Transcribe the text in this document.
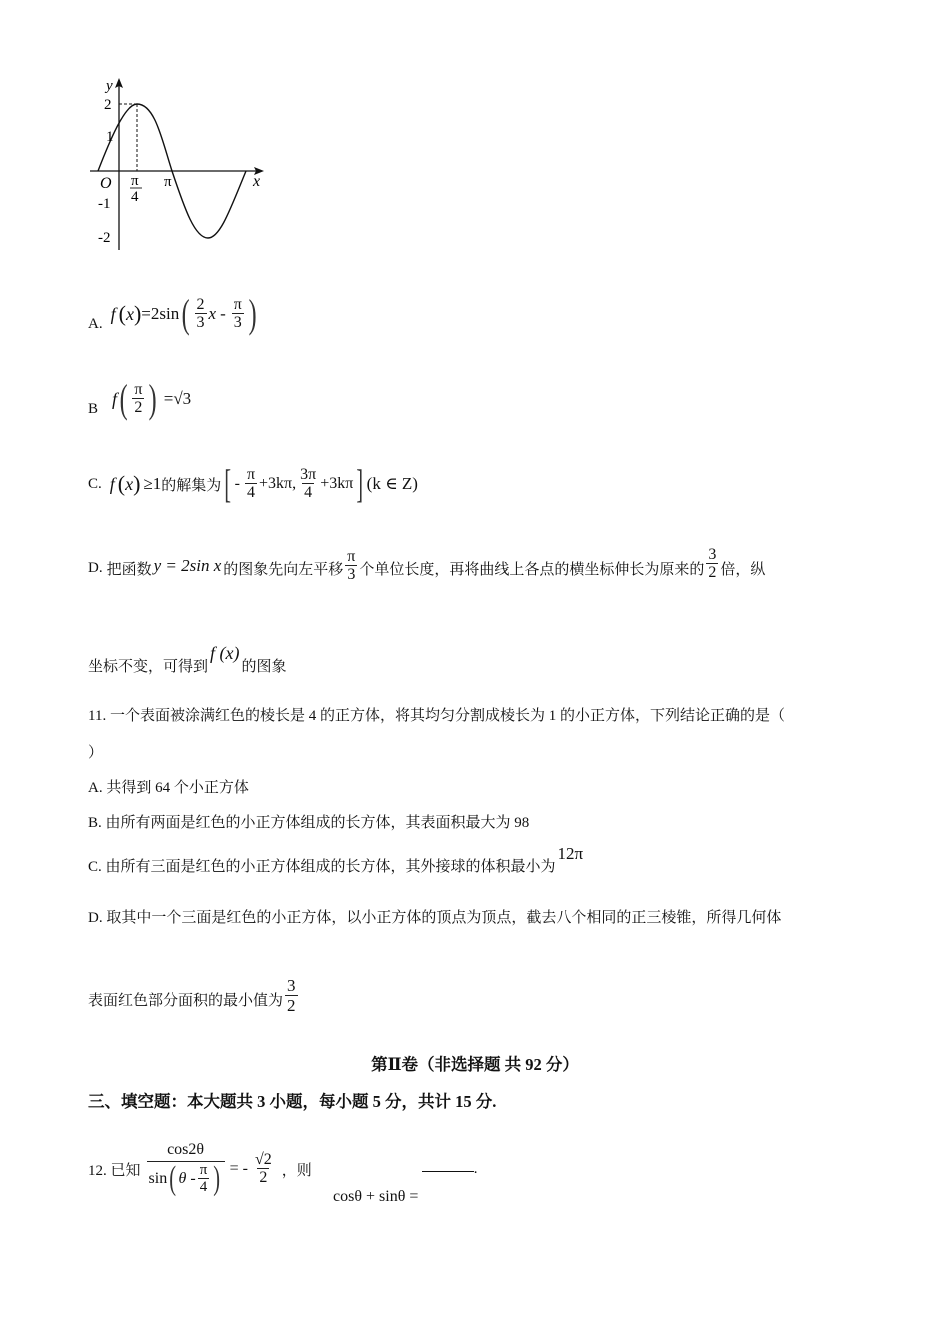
y
x
O
2
1
-1
-2
π
4
π
A. f ( x ) =2sin ( $\frac{2}{3}$ x - $\frac{\pi}{3}$ )
B f ( $\frac{\pi}{2}$ ) =√3
C. f ( x ) ≥1 的解集为 [ - $\frac{\pi}{4} +3k\pi$, $\frac{3\pi}{4} +3k\pi$ ] (k ∈ Z)
D. 把函数 y = 2sin x 的图象先向左平移 $\frac{\pi}{3}$ 个单位长度，再将曲线上各点的横坐标伸长为原来的 $\frac{3}{2}$ 倍，纵
坐标不变，可得到
f (x)
的图象
11. 一个表面被涂满红色的棱长是 4 的正方体，将其均匀分割成棱长为 1 的小正方体，下列结论正确的是（
）
A. 共得到 64 个小正方体
B. 由所有两面是红色的小正方体组成的长方体，其表面积最大为 98
C. 由所有三面是红色的小正方体组成的长方体，其外接球的体积最小为
12π
D. 取其中一个三面是红色的小正方体，以小正方体的顶点为顶点，截去八个相同的正三棱锥，所得几何体
表面红色部分面积的最小值为 $\frac{3}{2}$
第Ⅱ卷（非选择题 共 92 分）
三、填空题：本大题共 3 小题，每小题 5 分，共计 15 分.
12. 已知
cos2θ
sin ( θ - $\frac{\pi}{4}$ ) = - $\frac{√2}{2}$ ，则	.
cosθ + sinθ =
